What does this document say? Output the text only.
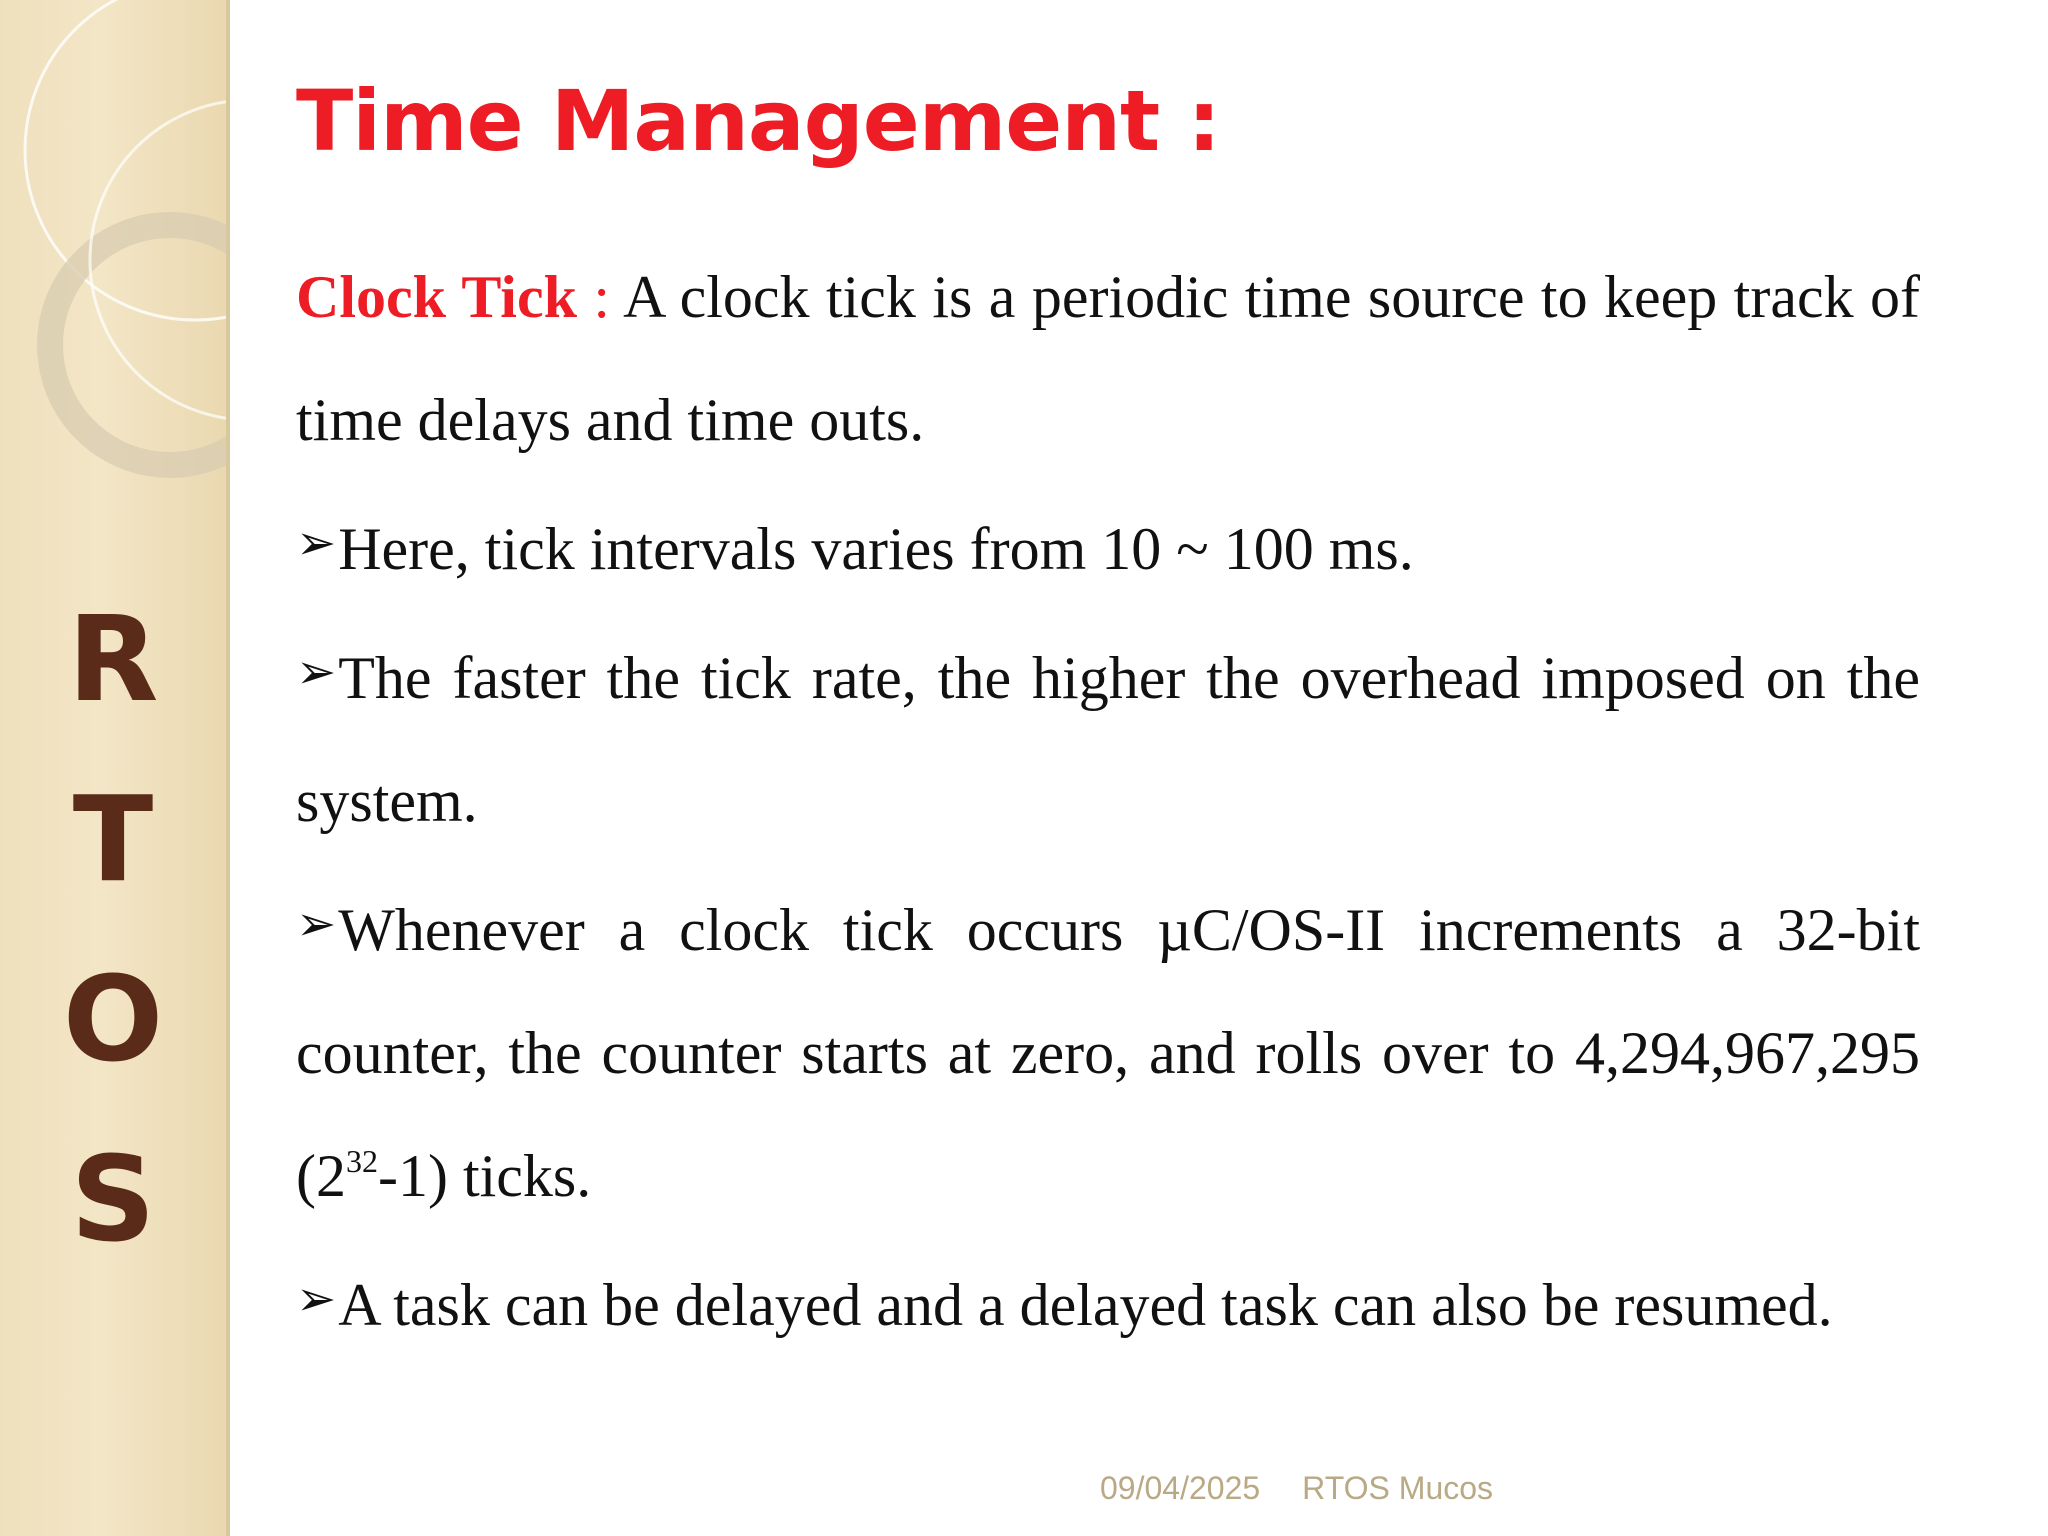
R
T
O
S
Time Management :

Clock Tick : A clock tick is a periodic time source to keep track of time delays and time outs.

➢Here, tick intervals varies from 10 ~ 100 ms.

➢The faster the tick rate, the higher the overhead imposed on the system.

➢Whenever a clock tick occurs µC/OS-II increments a 32-bit counter, the counter starts at zero, and rolls over to 4,294,967,295 $(2^{32}-1)$ ticks.

➢A task can be delayed and a delayed task can also be resumed.

09/04/2025 RTOS Mucos
